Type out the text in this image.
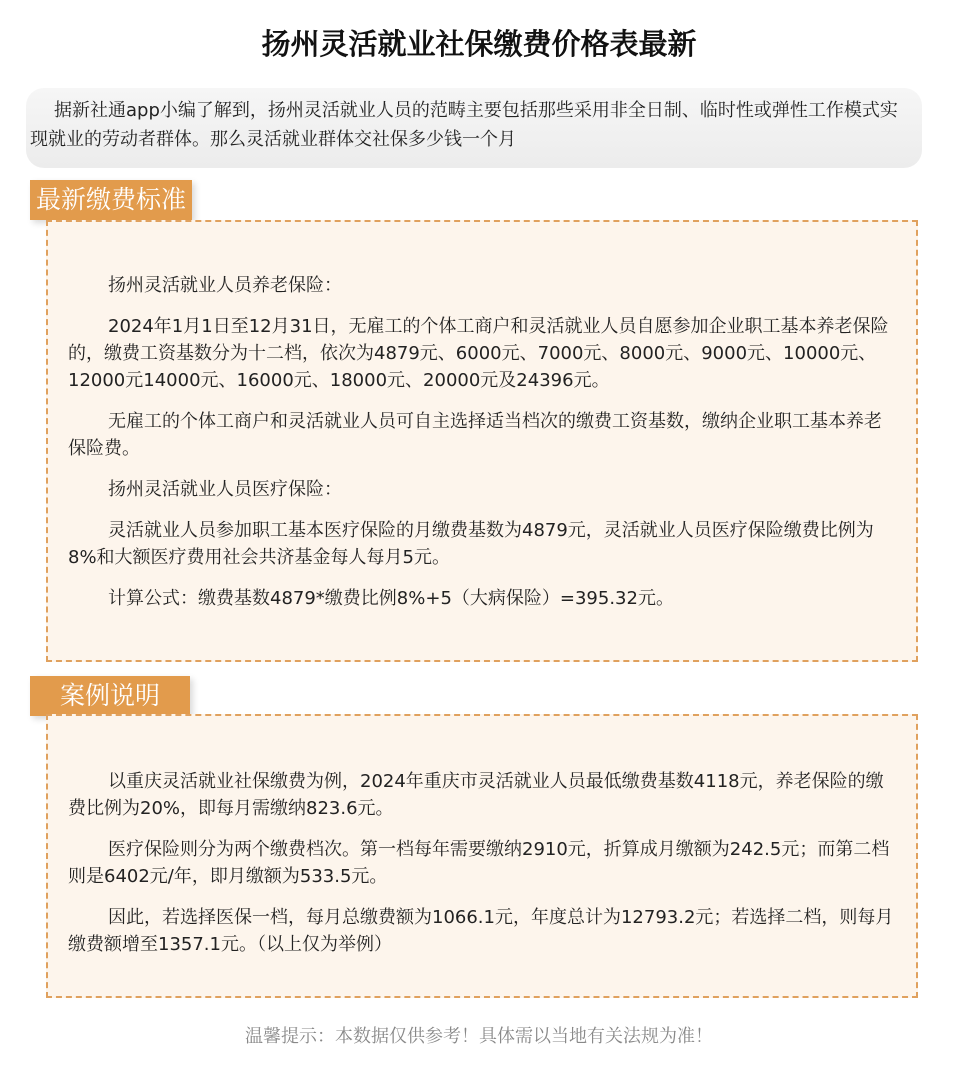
扬州灵活就业社保缴费价格表最新
据新社通app小编了解到，扬州灵活就业人员的范畴主要包括那些采用非全日制、临时性或弹性工作模式实现就业的劳动者群体。那么灵活就业群体交社保多少钱一个月
最新缴费标准

扬州灵活就业人员养老保险：

2024年1月1日至12月31日，无雇工的个体工商户和灵活就业人员自愿参加企业职工基本养老保险的，缴费工资基数分为十二档，依次为4879元、6000元、7000元、8000元、9000元、10000元、12000元14000元、16000元、18000元、20000元及24396元。

无雇工的个体工商户和灵活就业人员可自主选择适当档次的缴费工资基数，缴纳企业职工基本养老保险费。

扬州灵活就业人员医疗保险：

灵活就业人员参加职工基本医疗保险的月缴费基数为4879元，灵活就业人员医疗保险缴费比例为8%和大额医疗费用社会共济基金每人每月5元。

计算公式：缴费基数4879*缴费比例8%+5（大病保险）=395.32元。

案例说明

以重庆灵活就业社保缴费为例，2024年重庆市灵活就业人员最低缴费基数4118元，养老保险的缴费比例为20%，即每月需缴纳823.6元。

医疗保险则分为两个缴费档次。第一档每年需要缴纳2910元，折算成月缴额为242.5元；而第二档则是6402元/年，即月缴额为533.5元。

因此，若选择医保一档，每月总缴费额为1066.1元，年度总计为12793.2元；若选择二档，则每月缴费额增至1357.1元。（以上仅为举例）

温馨提示：本数据仅供参考！具体需以当地有关法规为准！
